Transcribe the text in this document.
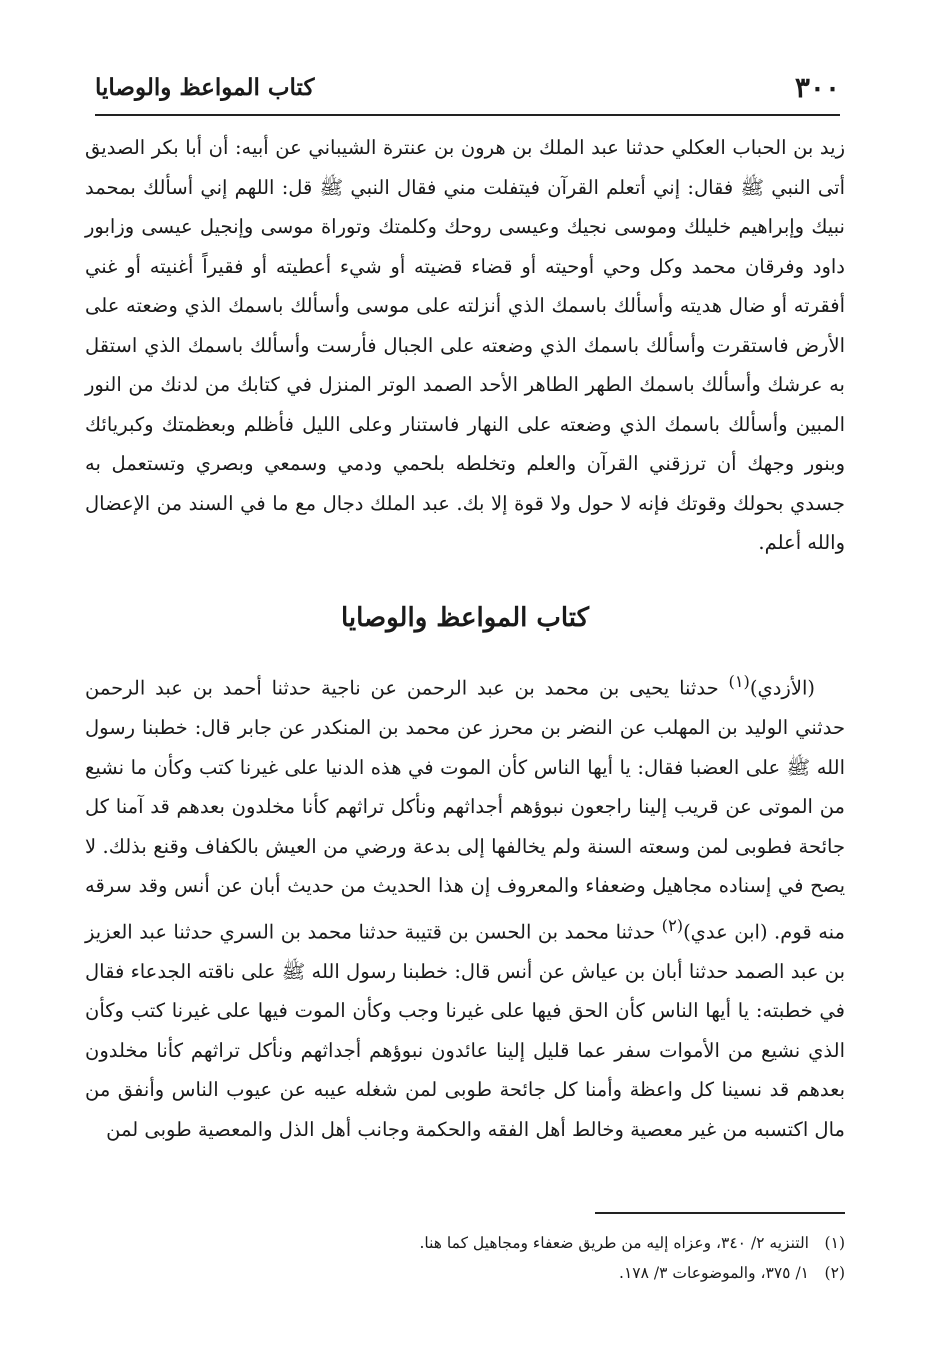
٣٠٠
كتاب المواعظ والوصايا

زيد بن الحباب العكلي حدثنا عبد الملك بن هرون بن عنترة الشيباني عن أبيه: أن أبا بكر الصديق أتى النبي ﷺ فقال: إني أتعلم القرآن فيتفلت مني فقال النبي ﷺ قل: اللهم إني أسألك بمحمد نبيك وإبراهيم خليلك وموسى نجيك وعيسى روحك وكلمتك وتوراة موسى وإنجيل عيسى وزابور داود وفرقان محمد وكل وحي أوحيته أو قضاء قضيته أو شيء أعطيته أو فقيراً أغنيته أو غني أفقرته أو ضال هديته وأسألك باسمك الذي أنزلته على موسى وأسألك باسمك الذي وضعته على الأرض فاستقرت وأسألك باسمك الذي وضعته على الجبال فأرست وأسألك باسمك الذي استقل به عرشك وأسألك باسمك الطهر الطاهر الأحد الصمد الوتر المنزل في كتابك من لدنك من النور المبين وأسألك باسمك الذي وضعته على النهار فاستنار وعلى الليل فأظلم وبعظمتك وكبريائك وبنور وجهك أن ترزقني القرآن والعلم وتخلطه بلحمي ودمي وسمعي وبصري وتستعمل به جسدي بحولك وقوتك فإنه لا حول ولا قوة إلا بك. عبد الملك دجال مع ما في السند من الإعضال والله أعلم.

كتاب المواعظ والوصايا

(الأزدي)$^{(١)}$ حدثنا يحيى بن محمد بن عبد الرحمن عن ناجية حدثنا أحمد بن عبد الرحمن حدثني الوليد بن المهلب عن النضر بن محرز عن محمد بن المنكدر عن جابر قال: خطبنا رسول الله ﷺ على العضبا فقال: يا أيها الناس كأن الموت في هذه الدنيا على غيرنا كتب وكأن ما نشيع من الموتى عن قريب إلينا راجعون نبوؤهم أجداثهم ونأكل تراثهم كأنا مخلدون بعدهم قد آمنا كل جائحة فطوبى لمن وسعته السنة ولم يخالفها إلى بدعة ورضي من العيش بالكفاف وقنع بذلك. لا يصح في إسناده مجاهيل وضعفاء والمعروف إن هذا الحديث من حديث أبان عن أنس وقد سرقه منه قوم. (ابن عدي)$^{(٢)}$ حدثنا محمد بن الحسن بن قتيبة حدثنا محمد بن السري حدثنا عبد العزيز بن عبد الصمد حدثنا أبان بن عياش عن أنس قال: خطبنا رسول الله ﷺ على ناقته الجدعاء فقال في خطبته: يا أيها الناس كأن الحق فيها على غيرنا وجب وكأن الموت فيها على غيرنا كتب وكأن الذي نشيع من الأموات سفر عما قليل إلينا عائدون نبوؤهم أجداثهم ونأكل تراثهم كأنا مخلدون بعدهم قد نسينا كل واعظة وأمنا كل جائحة طوبى لمن شغله عيبه عن عيوب الناس وأنفق من مال اكتسبه من غير معصية وخالط أهل الفقه والحكمة وجانب أهل الذل والمعصية طوبى لمن

(١)التنزيه ٢/ ٣٤٠، وعزاه إليه من طريق ضعفاء ومجاهيل كما هنا.
(٢)١/ ٣٧٥، والموضوعات ٣/ ١٧٨.
